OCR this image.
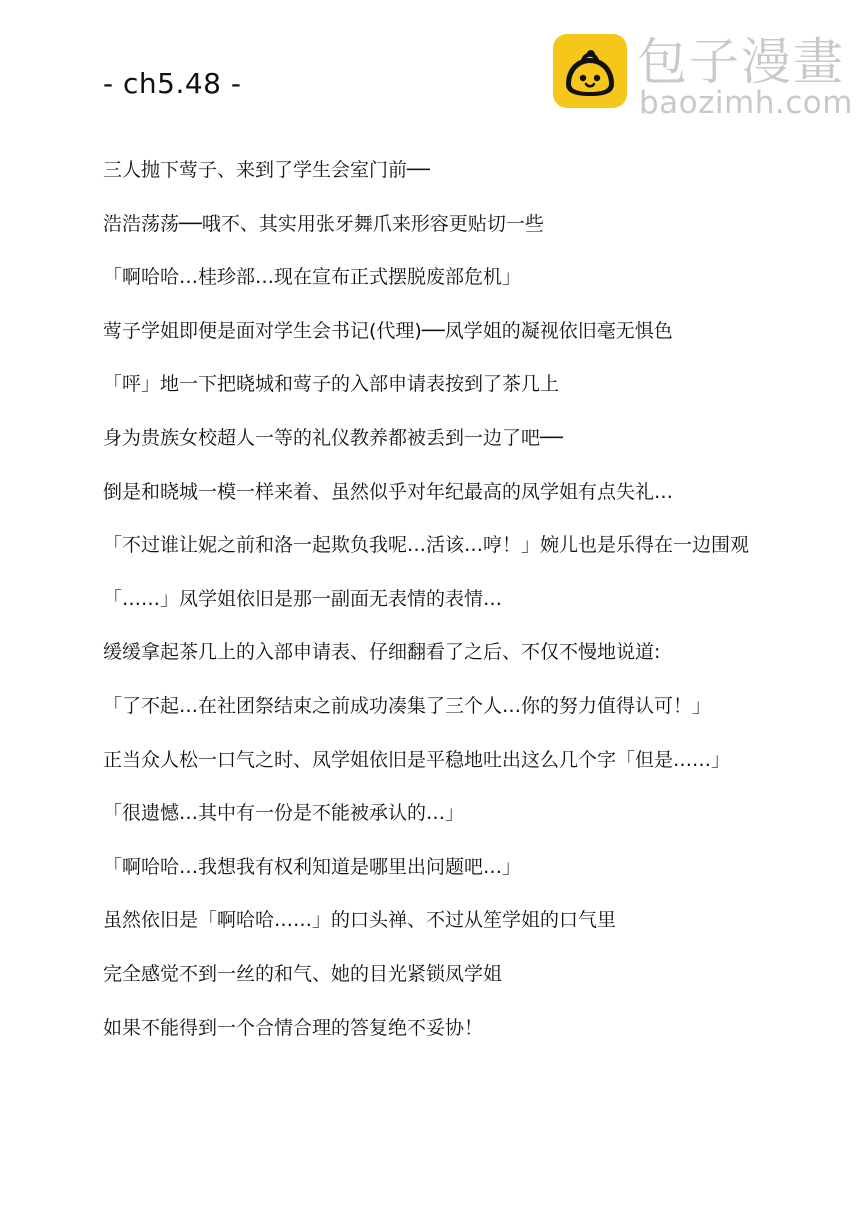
- ch5.48 -	包子漫畫
baozimh.com
三人抛下莺子、来到了学生会室门前──
浩浩荡荡──哦不、其实用张牙舞爪来形容更贴切一些
「啊哈哈…桂珍部…现在宣布正式摆脱废部危机」
莺子学姐即便是面对学生会书记(代理)──凤学姐的凝视依旧毫无惧色
「呯」地一下把晓城和莺子的入部申请表按到了茶几上
身为贵族女校超人一等的礼仪教养都被丢到一边了吧──
倒是和晓城一模一样来着、虽然似乎对年纪最高的凤学姐有点失礼…
「不过谁让妮之前和洛一起欺负我呢…活该…哼！」婉儿也是乐得在一边围观
「……」凤学姐依旧是那一副面无表情的表情…
缓缓拿起茶几上的入部申请表、仔细翻看了之后、不仅不慢地说道:
「了不起…在社团祭结束之前成功凑集了三个人…你的努力值得认可！」
正当众人松一口气之时、凤学姐依旧是平稳地吐出这么几个字「但是……」
「很遗憾…其中有一份是不能被承认的…」
「啊哈哈…我想我有权利知道是哪里出问题吧…」
虽然依旧是「啊哈哈……」的口头禅、不过从笙学姐的口气里
完全感觉不到一丝的和气、她的目光紧锁凤学姐
如果不能得到一个合情合理的答复绝不妥协！
